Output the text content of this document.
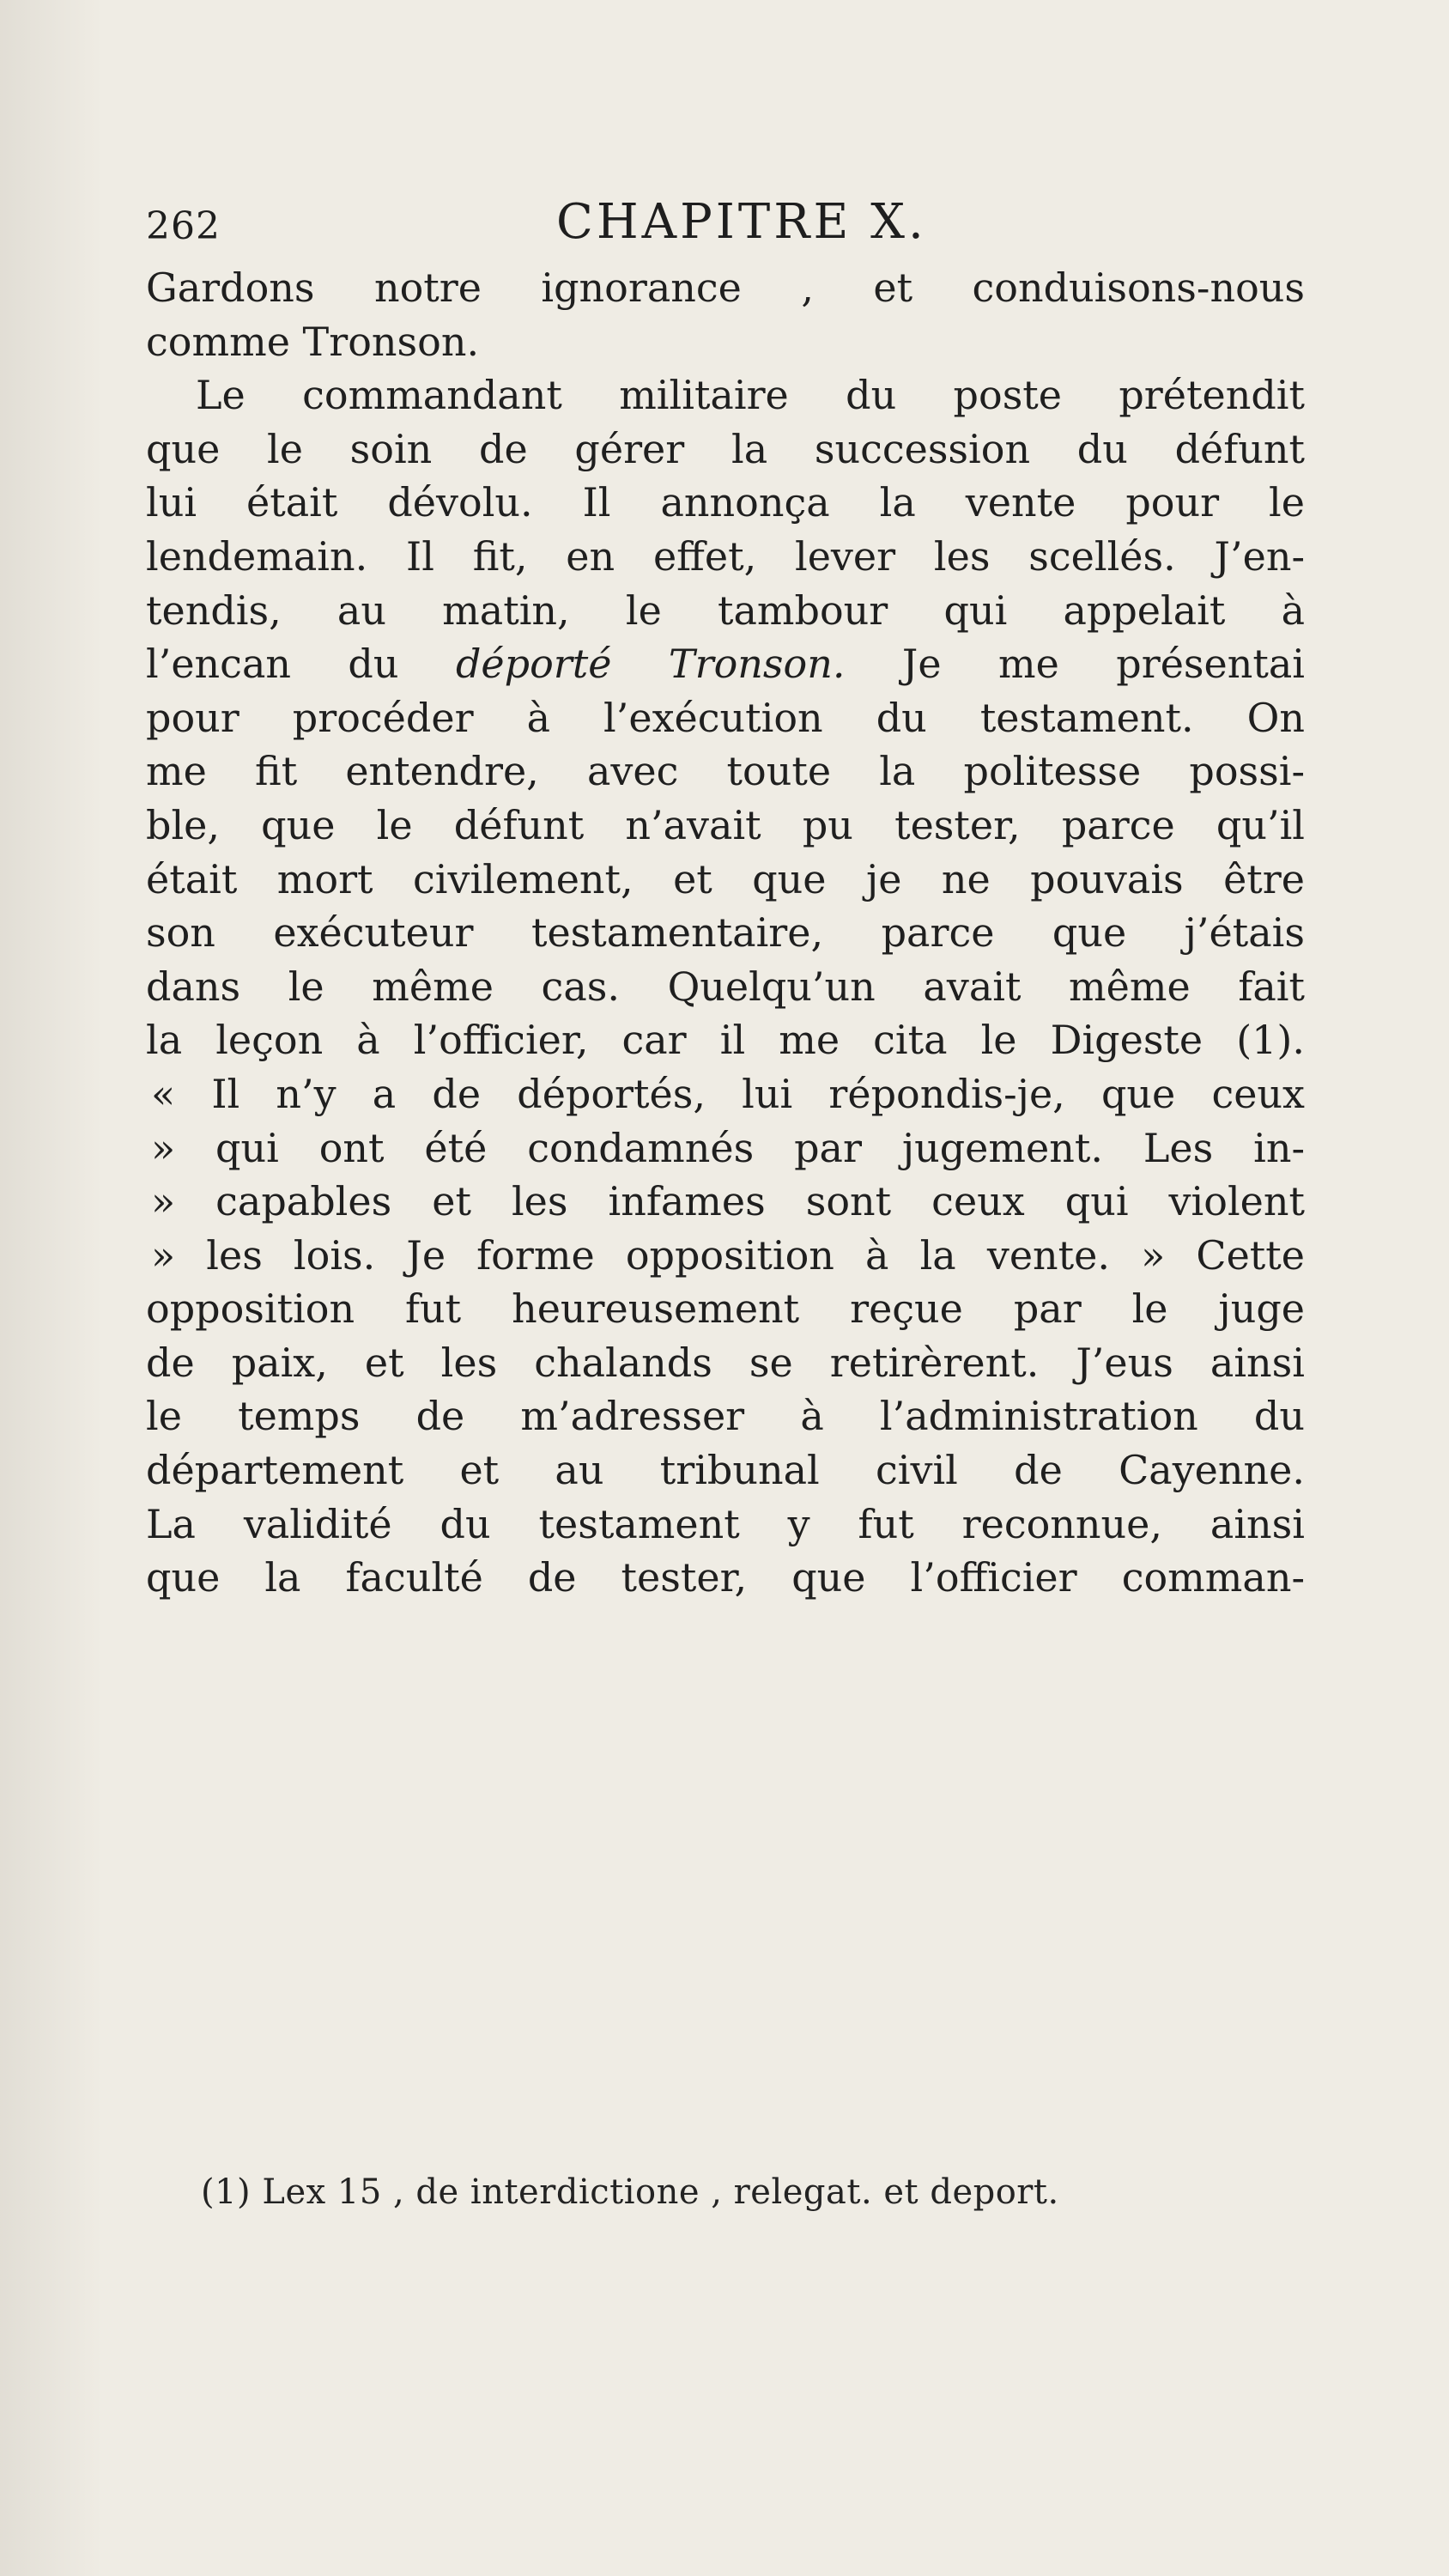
262	CHAPITRE X.
Gardons notre ignorance , et conduisons-nous
comme Tronson.
Le commandant militaire du poste prétendit
que le soin de gérer la succession du défunt
lui était dévolu. Il annonça la vente pour le
lendemain. Il fit, en effet, lever les scellés. J’en-
tendis, au matin, le tambour qui appelait à
l’encan du déporté Tronson. Je me présentai
pour procéder à l’exécution du testament. On
me fit entendre, avec toute la politesse possi-
ble, que le défunt n’avait pu tester, parce qu’il
était mort civilement, et que je ne pouvais être
son exécuteur testamentaire, parce que j’étais
dans le même cas. Quelqu’un avait même fait
la leçon à l’officier, car il me cita le Digeste (1).
« Il n’y a de déportés, lui répondis-je, que ceux
» qui ont été condamnés par jugement. Les in-
» capables et les infames sont ceux qui violent
» les lois. Je forme opposition à la vente. » Cette
opposition fut heureusement reçue par le juge
de paix, et les chalands se retirèrent. J’eus ainsi
le temps de m’adresser à l’administration du
département et au tribunal civil de Cayenne.
La validité du testament y fut reconnue, ainsi
que la faculté de tester, que l’officier comman-
(1) Lex 15 , de interdictione , relegat. et deport.
